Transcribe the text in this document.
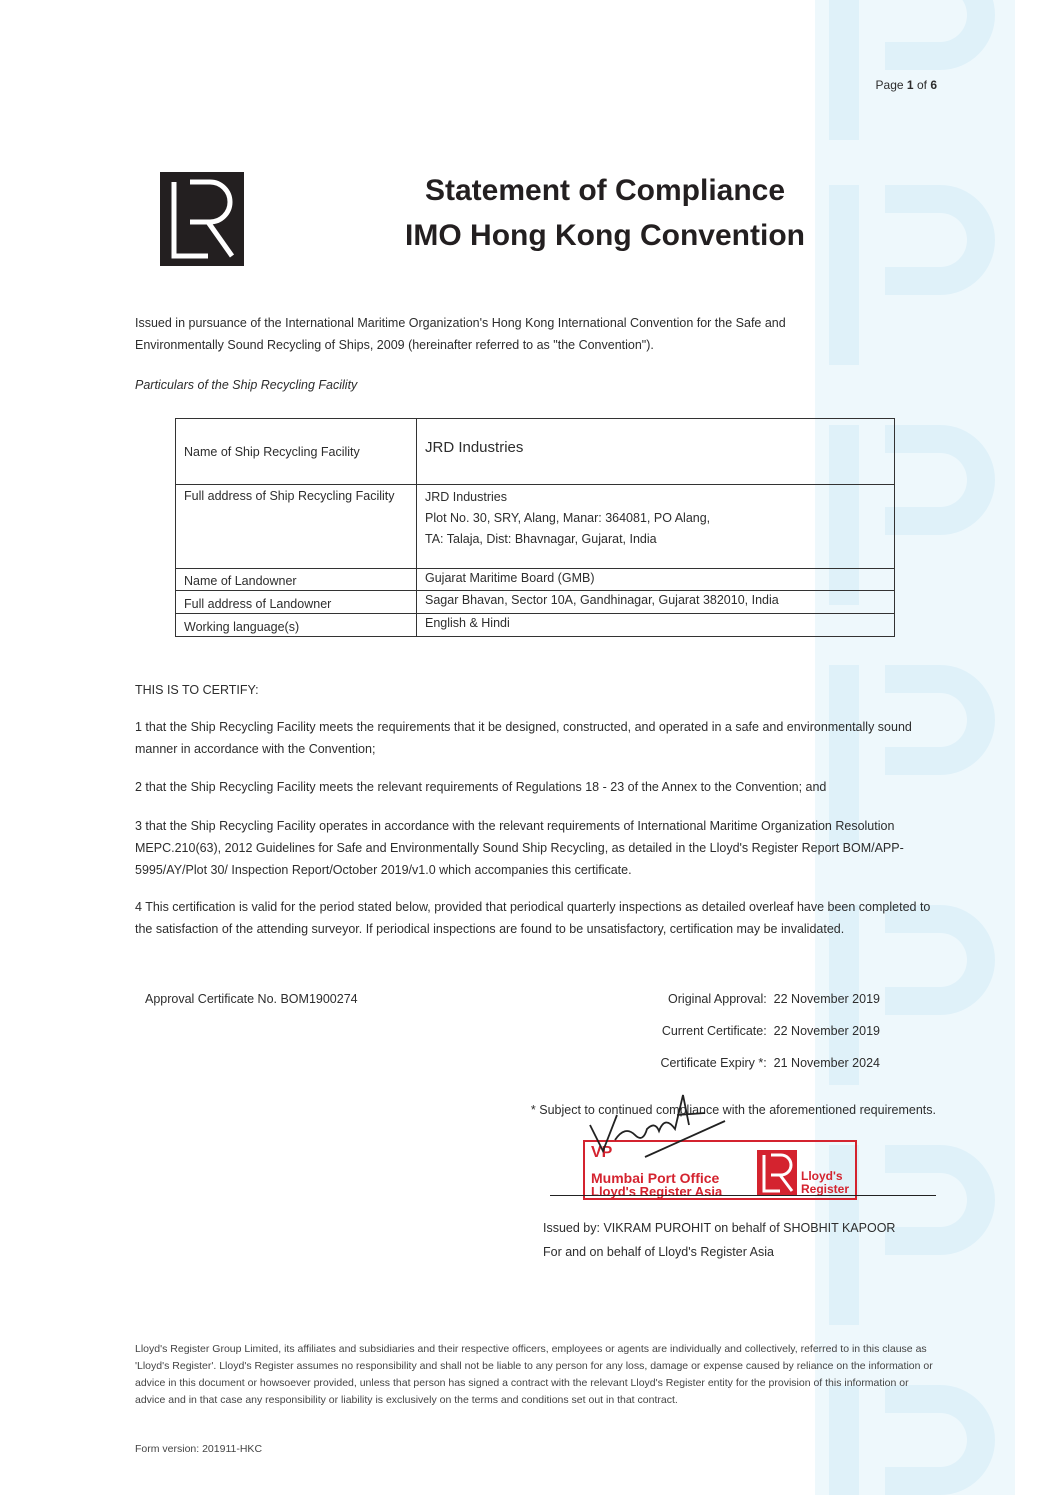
Page 1 of 6
Statement of Compliance
IMO Hong Kong Convention

Issued in pursuance of the International Maritime Organization's Hong Kong International Convention for the Safe and Environmentally Sound Recycling of Ships, 2009 (hereinafter referred to as "the Convention").

Particulars of the Ship Recycling Facility

Name of Ship Recycling Facility	JRD Industries
Full address of Ship Recycling Facility	JRD Industries
Plot No. 30, SRY, Alang, Manar: 364081, PO Alang,
TA: Talaja, Dist: Bhavnagar, Gujarat, India

Name of Landowner	Gujarat Maritime Board (GMB)
Full address of Landowner	Sagar Bhavan, Sector 10A, Gandhinagar, Gujarat 382010, India
Working language(s)	English & Hindi

THIS IS TO CERTIFY:

1 that the Ship Recycling Facility meets the requirements that it be designed, constructed, and operated in a safe and environmentally sound manner in accordance with the Convention;

2 that the Ship Recycling Facility meets the relevant requirements of Regulations 18 - 23 of the Annex to the Convention; and

3 that the Ship Recycling Facility operates in accordance with the relevant requirements of International Maritime Organization Resolution MEPC.210(63), 2012 Guidelines for Safe and Environmentally Sound Ship Recycling, as detailed in the Lloyd's Register Report BOM/APP-5995/AY/Plot 30/ Inspection Report/October 2019/v1.0 which accompanies this certificate.

4 This certification is valid for the period stated below, provided that periodical quarterly inspections as detailed overleaf have been completed to the satisfaction of the attending surveyor. If periodical inspections are found to be unsatisfactory, certification may be invalidated.

Approval Certificate No. BOM1900274	Original Approval: 22 November 2019
Current Certificate: 22 November 2019
Certificate Expiry *: 21 November 2024

* Subject to continued compliance with the aforementioned requirements.

VP
Mumbai Port Office
Lloyd's Register Asia
Lloyd's
Register

Issued by: VIKRAM PUROHIT on behalf of SHOBHIT KAPOOR

For and on behalf of Lloyd's Register Asia

Lloyd's Register Group Limited, its affiliates and subsidiaries and their respective officers, employees or agents are individually and collectively, referred to in this clause as 'Lloyd's Register'. Lloyd's Register assumes no responsibility and shall not be liable to any person for any loss, damage or expense caused by reliance on the information or advice in this document or howsoever provided, unless that person has signed a contract with the relevant Lloyd's Register entity for the provision of this information or advice and in that case any responsibility or liability is exclusively on the terms and conditions set out in that contract.

Form version: 201911-HKC
